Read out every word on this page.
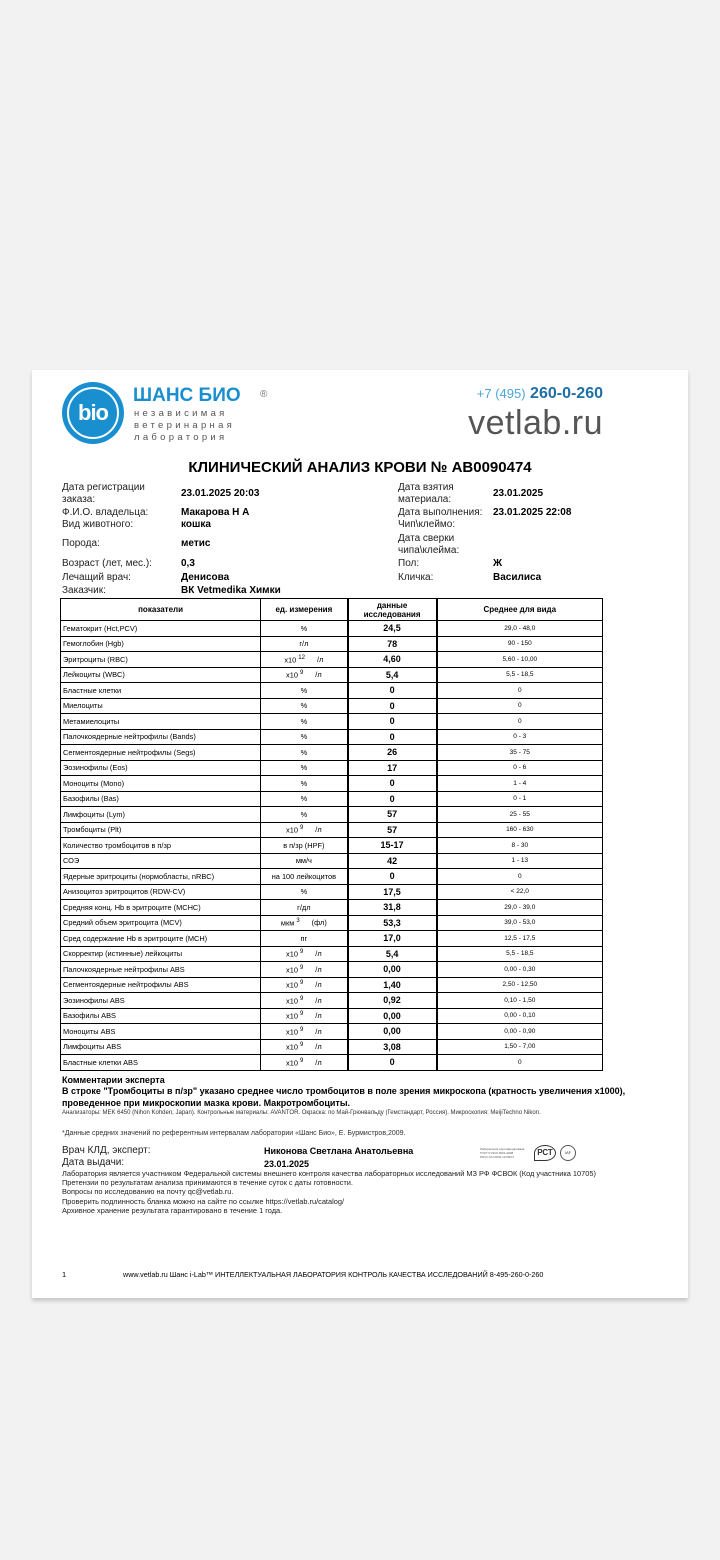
bio
ШАНС БИО ®
независимая
ветеринарная
лаборатория
+7 (495) 260-0-260
vetlab.ru
КЛИНИЧЕСКИЙ АНАЛИЗ КРОВИ № AB0090474
Дата регистрации заказа:	23.01.2025 20:03
Ф.И.О. владельца:	Макарова Н А
Вид животного:	кошка
Порода:	метис
Возраст (лет, мес.):	0,3
Лечащий врач:	Денисова
Заказчик:	ВК Vetmedika Химки
Дата взятия материала:	23.01.2025
Дата выполнения: 23.01.2025 22:08
Чип\клеймо:
Дата сверки чипа\клейма:
Пол:	Ж
Кличка:	Василиса
показатели	ед. измерения	данные исследования	Среднее для вида
Гематокрит (Hct,PCV)	%	24,5	29,0 - 48,0
Гемоглобин (Hgb)	г/л	78	90 - 150
Эритроциты (RBC)	х10 $^{12}$ /л	4,60	5,60 - 10,00
Лейкоциты (WBC)	х10 $^9$ /л	5,4	5,5 - 18,5
Бластные клетки	%	0	0
Миелоциты	%	0	0
Метамиелоциты	%	0	0
Палочкоядерные нейтрофилы (Bands)	%	0	0 - 3
Сегментоядерные нейтрофилы (Segs)	%	26	35 - 75
Эозинофилы (Eos)	%	17	0 - 6
Моноциты (Mono)	%	0	1 - 4
Базофилы (Bas)	%	0	0 - 1
Лимфоциты (Lym)	%	57	25 - 55
Тромбоциты (Plt)	х10 $^9$ /л	57	160 - 630
Количество тромбоцитов в п/зр	в п/зр (HPF)	15-17	8 - 30
СОЭ	мм/ч	42	1 - 13
Ядерные эритроциты (нормобласты, nRBC)	на 100 лейкоцитов	0	0
Анизоцитоз эритроцитов (RDW-CV)	%	17,5	< 22,0
Средняя конц. Hb в эритроците (MCHC)	г/дл	31,8	29,0 - 39,0
Средний объем эритроцита (MCV)	мкм $^3$ (фл)	53,3	39,0 - 53,0
Сред содержание Hb в эритроците (MCH)	пг	17,0	12,5 - 17,5
Скорректир (истинные) лейкоциты	х10 $^9$ /л	5,4	5,5 - 18,5
Палочкоядерные нейтрофилы ABS	х10 $^9$ /л	0,00	0,00 - 0,30
Сегментоядерные нейтрофилы ABS	х10 $^9$ /л	1,40	2,50 - 12,50
Эозинофилы ABS	х10 $^9$ /л	0,92	0,10 - 1,50
Базофилы ABS	х10 $^9$ /л	0,00	0,00 - 0,10
Моноциты ABS	х10 $^9$ /л	0,00	0,00 - 0,90
Лимфоциты ABS	х10 $^9$ /л	3,08	1,50 - 7,00
Бластные клетки ABS	х10 $^9$ /л	0	0
Комментарии эксперта
В строке "Тромбоциты в п/зр" указано среднее число тромбоцитов в поле зрения микроскопа (кратность увеличения х1000), проведенное при микроскопии мазка крови. Макротромбоциты.
Анализаторы: MEK 6450 (Nihon Kohden, Japan). Контрольные материалы: AVANTOR. Окраска: по Май-Грюнвальду (Гемстандарт, Россия). Микроскопия: MeijiTechno Nikon.
*Данные средних значений по референтным интервалам лаборатории «Шанс Био», Е. Бурмистров,2009.
Врач КЛД, эксперт:	Никонова Светлана Анатольевна
Дата выдачи:	23.01.2025
Лаборатория сертифицирована
ГОСТ Р ИСО 9001-2008
РОСС RU.0001.13.ИФ71	РСТ	IAF
Лаборатория является участником Федеральной системы внешнего контроля качества лабораторных исследований МЗ РФ ФСВОК (Код участника 10705)
Претензии по результатам анализа принимаются в течение суток с даты готовности.
Вопросы по исследованию на почту qc@vetlab.ru.
Проверить подлинность бланка можно на сайте по ссылке https://vetlab.ru/catalog/
Архивное хранение результата гарантировано в течение 1 года.
1	www.vetlab.ru Шанс i-Lab™ ИНТЕЛЛЕКТУАЛЬНАЯ ЛАБОРАТОРИЯ КОНТРОЛЬ КАЧЕСТВА ИССЛЕДОВАНИЙ 8-495-260-0-260
